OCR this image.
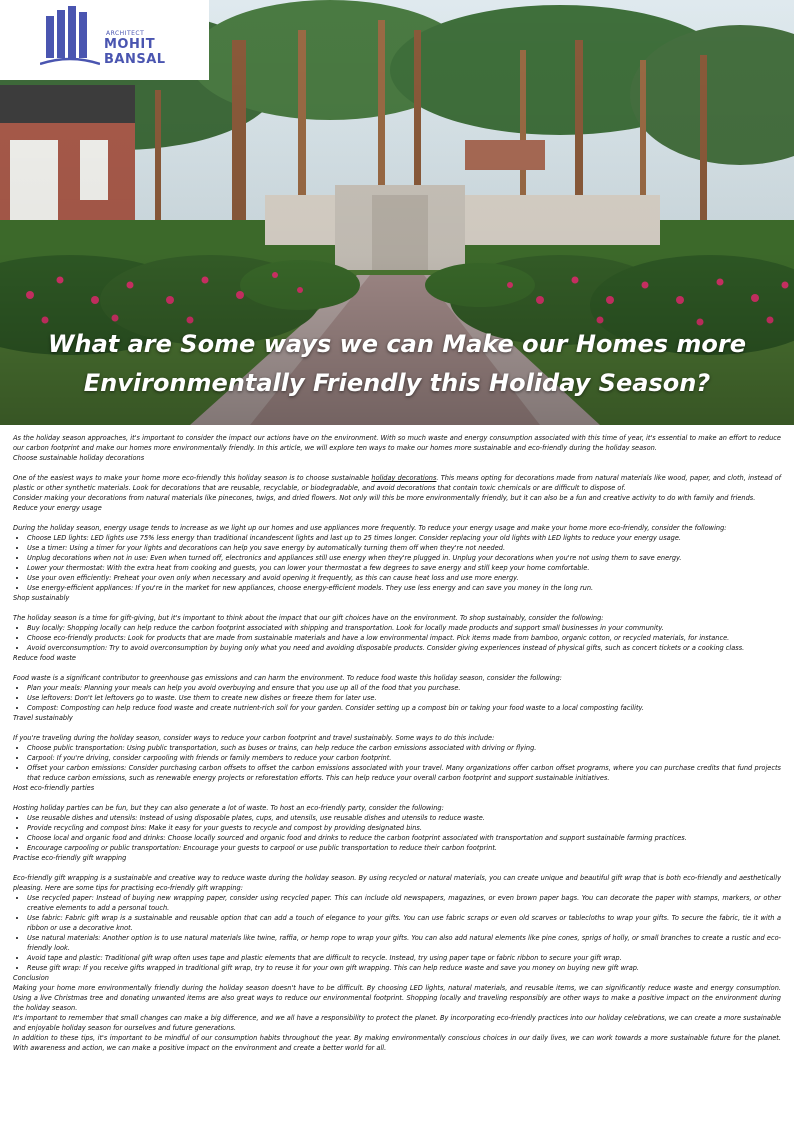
ARCHITECT
MOHIT BANSAL
What are Some ways we can Make our Homes more Environmentally Friendly this Holiday Season?

As the holiday season approaches, it's important to consider the impact our actions have on the environment. With so much waste and energy consumption associated with this time of year, it's essential to make an effort to reduce our carbon footprint and make our homes more environmentally friendly. In this article, we will explore ten ways to make our homes more sustainable and eco-friendly during the holiday season.

Choose sustainable holiday decorations

One of the easiest ways to make your home more eco-friendly this holiday season is to choose sustainable holiday decorations. This means opting for decorations made from natural materials like wood, paper, and cloth, instead of plastic or other synthetic materials. Look for decorations that are reusable, recyclable, or biodegradable, and avoid decorations that contain toxic chemicals or are difficult to dispose of.

Consider making your decorations from natural materials like pinecones, twigs, and dried flowers. Not only will this be more environmentally friendly, but it can also be a fun and creative activity to do with family and friends.

Reduce your energy usage

During the holiday season, energy usage tends to increase as we light up our homes and use appliances more frequently. To reduce your energy usage and make your home more eco-friendly, consider the following:

• Choose LED lights: LED lights use 75% less energy than traditional incandescent lights and last up to 25 times longer. Consider replacing your old lights with LED lights to reduce your energy usage.
• Use a timer: Using a timer for your lights and decorations can help you save energy by automatically turning them off when they're not needed.
• Unplug decorations when not in use: Even when turned off, electronics and appliances still use energy when they're plugged in. Unplug your decorations when you're not using them to save energy.
• Lower your thermostat: With the extra heat from cooking and guests, you can lower your thermostat a few degrees to save energy and still keep your home comfortable.
• Use your oven efficiently: Preheat your oven only when necessary and avoid opening it frequently, as this can cause heat loss and use more energy.
• Use energy-efficient appliances: If you're in the market for new appliances, choose energy-efficient models. They use less energy and can save you money in the long run.

Shop sustainably

The holiday season is a time for gift-giving, but it's important to think about the impact that our gift choices have on the environment. To shop sustainably, consider the following:

• Buy locally: Shopping locally can help reduce the carbon footprint associated with shipping and transportation. Look for locally made products and support small businesses in your community.
• Choose eco-friendly products: Look for products that are made from sustainable materials and have a low environmental impact. Pick items made from bamboo, organic cotton, or recycled materials, for instance.
• Avoid overconsumption: Try to avoid overconsumption by buying only what you need and avoiding disposable products. Consider giving experiences instead of physical gifts, such as concert tickets or a cooking class.

Reduce food waste

Food waste is a significant contributor to greenhouse gas emissions and can harm the environment. To reduce food waste this holiday season, consider the following:

• Plan your meals: Planning your meals can help you avoid overbuying and ensure that you use up all of the food that you purchase.
• Use leftovers: Don't let leftovers go to waste. Use them to create new dishes or freeze them for later use.
• Compost: Composting can help reduce food waste and create nutrient-rich soil for your garden. Consider setting up a compost bin or taking your food waste to a local composting facility.

Travel sustainably

If you're traveling during the holiday season, consider ways to reduce your carbon footprint and travel sustainably. Some ways to do this include:

• Choose public transportation: Using public transportation, such as buses or trains, can help reduce the carbon emissions associated with driving or flying.
• Carpool: If you're driving, consider carpooling with friends or family members to reduce your carbon footprint.
• Offset your carbon emissions: Consider purchasing carbon offsets to offset the carbon emissions associated with your travel. Many organizations offer carbon offset programs, where you can purchase credits that fund projects that reduce carbon emissions, such as renewable energy projects or reforestation efforts. This can help reduce your overall carbon footprint and support sustainable initiatives.

Host eco-friendly parties

Hosting holiday parties can be fun, but they can also generate a lot of waste. To host an eco-friendly party, consider the following:

• Use reusable dishes and utensils: Instead of using disposable plates, cups, and utensils, use reusable dishes and utensils to reduce waste.
• Provide recycling and compost bins: Make it easy for your guests to recycle and compost by providing designated bins.
• Choose local and organic food and drinks: Choose locally sourced and organic food and drinks to reduce the carbon footprint associated with transportation and support sustainable farming practices.
• Encourage carpooling or public transportation: Encourage your guests to carpool or use public transportation to reduce their carbon footprint.

Practise eco-friendly gift wrapping

Eco-friendly gift wrapping is a sustainable and creative way to reduce waste during the holiday season. By using recycled or natural materials, you can create unique and beautiful gift wrap that is both eco-friendly and aesthetically pleasing. Here are some tips for practising eco-friendly gift wrapping:

• Use recycled paper: Instead of buying new wrapping paper, consider using recycled paper. This can include old newspapers, magazines, or even brown paper bags. You can decorate the paper with stamps, markers, or other creative elements to add a personal touch.
• Use fabric: Fabric gift wrap is a sustainable and reusable option that can add a touch of elegance to your gifts. You can use fabric scraps or even old scarves or tablecloths to wrap your gifts. To secure the fabric, tie it with a ribbon or use a decorative knot.
• Use natural materials: Another option is to use natural materials like twine, raffia, or hemp rope to wrap your gifts. You can also add natural elements like pine cones, sprigs of holly, or small branches to create a rustic and eco-friendly look.
• Avoid tape and plastic: Traditional gift wrap often uses tape and plastic elements that are difficult to recycle. Instead, try using paper tape or fabric ribbon to secure your gift wrap.
• Reuse gift wrap: If you receive gifts wrapped in traditional gift wrap, try to reuse it for your own gift wrapping. This can help reduce waste and save you money on buying new gift wrap.

Conclusion

Making your home more environmentally friendly during the holiday season doesn't have to be difficult. By choosing LED lights, natural materials, and reusable items, we can significantly reduce waste and energy consumption. Using a live Christmas tree and donating unwanted items are also great ways to reduce our environmental footprint. Shopping locally and traveling responsibly are other ways to make a positive impact on the environment during the holiday season.

It's important to remember that small changes can make a big difference, and we all have a responsibility to protect the planet. By incorporating eco-friendly practices into our holiday celebrations, we can create a more sustainable and enjoyable holiday season for ourselves and future generations.

In addition to these tips, it's important to be mindful of our consumption habits throughout the year. By making environmentally conscious choices in our daily lives, we can work towards a more sustainable future for the planet. With awareness and action, we can make a positive impact on the environment and create a better world for all.
